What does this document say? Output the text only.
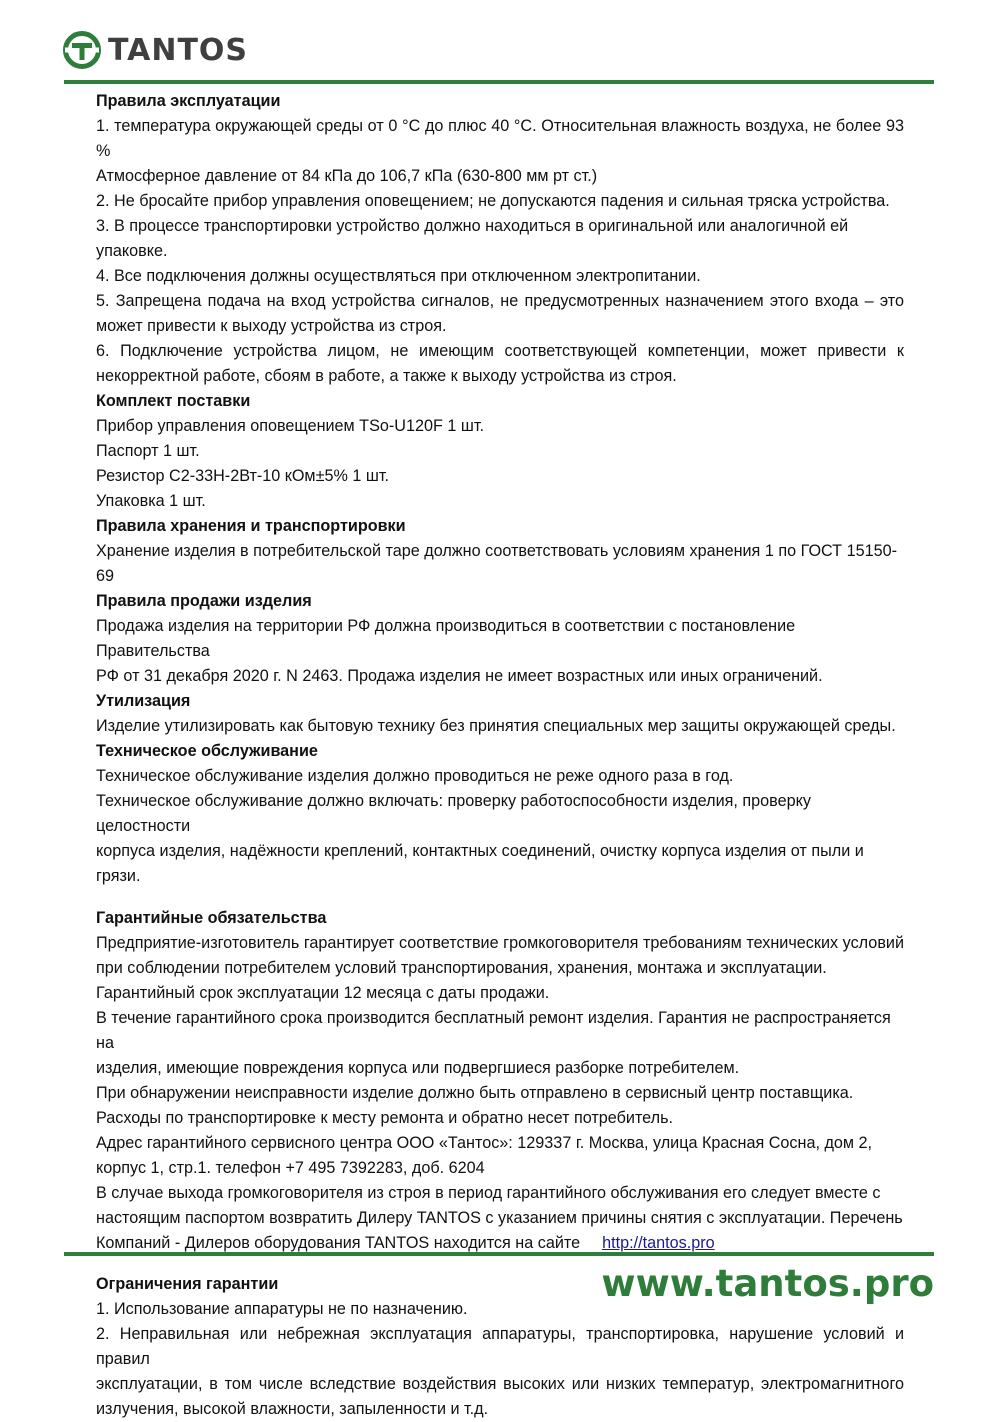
TANTOS

Правила эксплуатации

1. температура окружающей среды от 0 °С до плюс 40 °С. Относительная влажность воздуха, не более 93 %

Атмосферное давление от 84 кПа до 106,7 кПа (630-800 мм рт ст.)

2. Не бросайте прибор управления оповещением; не допускаются падения и сильная тряска устройства.

3. В процессе транспортировки устройство должно находиться в оригинальной или аналогичной ей упаковке.

4. Все подключения должны осуществляться при отключенном электропитании.

5. Запрещена подача на вход устройства сигналов, не предусмотренных назначением этого входа – это

может привести к выходу устройства из строя.

6. Подключение устройства лицом, не имеющим соответствующей компетенции, может привести к

некорректной работе, сбоям в работе, а также к выходу устройства из строя.

Комплект поставки

Прибор управления оповещением TSo-U120F 1 шт.

Паспорт 1 шт.

Резистор С2-33Н-2Вт-10 кОм±5% 1 шт.

Упаковка 1 шт.

Правила хранения и транспортировки

Хранение изделия в потребительской таре должно соответствовать условиям хранения 1 по ГОСТ 15150-69

Правила продажи изделия

Продажа изделия на территории РФ должна производиться в соответствии с постановление Правительства

РФ от 31 декабря 2020 г. N 2463. Продажа изделия не имеет возрастных или иных ограничений.

Утилизация

Изделие утилизировать как бытовую технику без принятия специальных мер защиты окружающей среды.

Техническое обслуживание

Техническое обслуживание изделия должно проводиться не реже одного раза в год.

Техническое обслуживание должно включать: проверку работоспособности изделия, проверку целостности

корпуса изделия, надёжности креплений, контактных соединений, очистку корпуса изделия от пыли и грязи.

Гарантийные обязательства

Предприятие-изготовитель гарантирует соответствие громкоговорителя требованиям технических условий

при соблюдении потребителем условий транспортирования, хранения, монтажа и эксплуатации.

Гарантийный срок эксплуатации 12 месяца с даты продажи.

В течение гарантийного срока производится бесплатный ремонт изделия. Гарантия не распространяется на

изделия, имеющие повреждения корпуса или подвергшиеся разборке потребителем.

При обнаружении неисправности изделие должно быть отправлено в сервисный центр поставщика.

Расходы по транспортировке к месту ремонта и обратно несет потребитель.

Адрес гарантийного сервисного центра ООО «Тантос»: 129337 г. Москва, улица Красная Сосна, дом 2,

корпус 1, стр.1. телефон +7 495 7392283, доб. 6204

В случае выхода громкоговорителя из строя в период гарантийного обслуживания его следует вместе с

настоящим паспортом возвратить Дилеру TANTOS с указанием причины снятия с эксплуатации. Перечень

Компаний - Дилеров оборудования TANTOS находится на сайте http://tantos.pro

Ограничения гарантии

1. Использование аппаратуры не по назначению.

2. Неправильная или небрежная эксплуатация аппаратуры, транспортировка, нарушение условий и правил

эксплуатации, в том числе вследствие воздействия высоких или низких температур, электромагнитного

излучения, высокой влажности, запыленности и т.д.

www.tantos.pro
